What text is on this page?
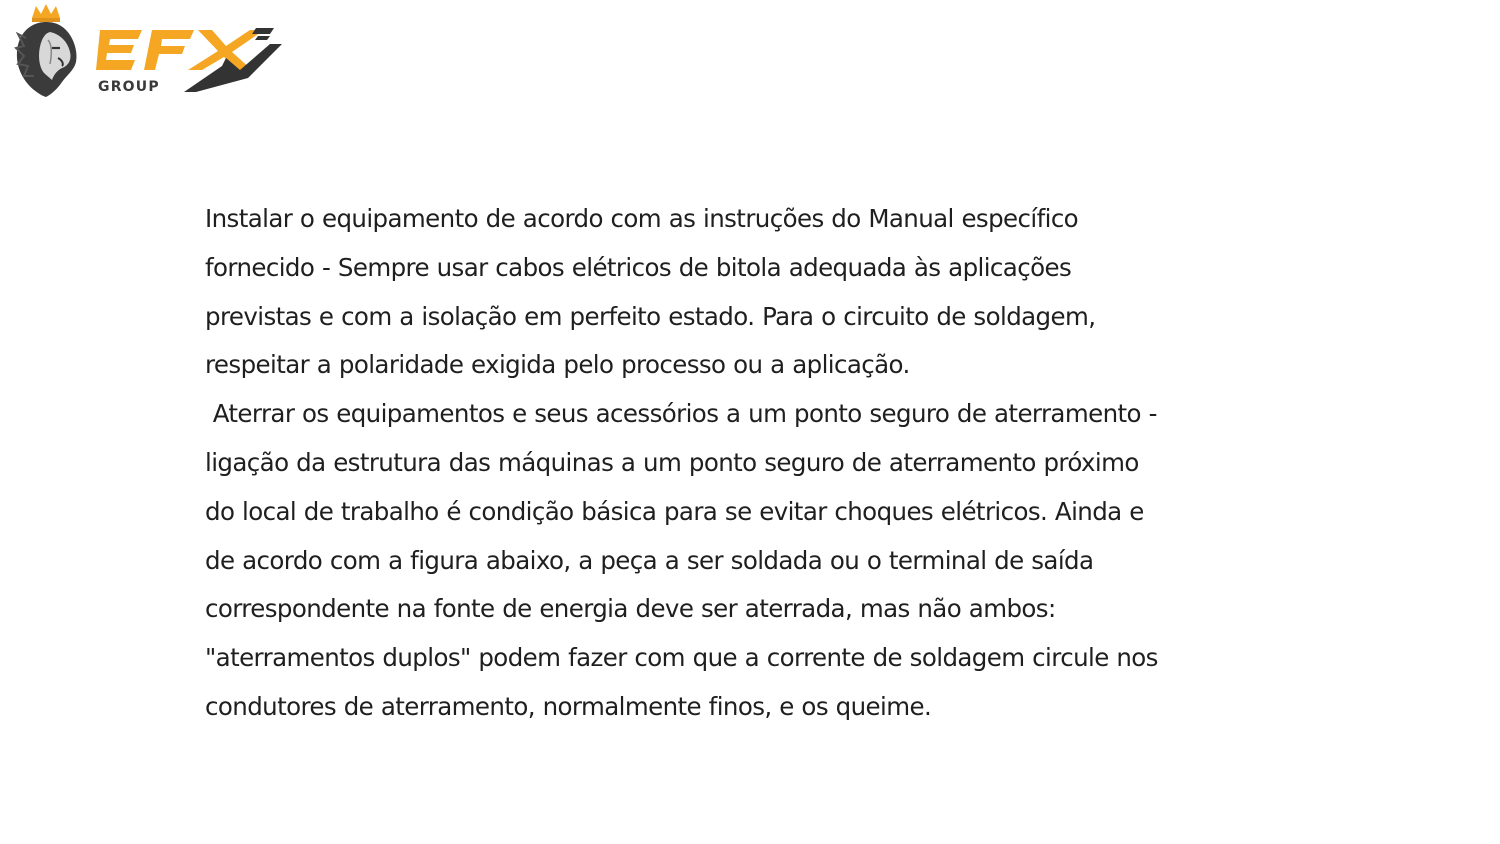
GROUP
Instalar o equipamento de acordo com as instruções do Manual específico
fornecido - Sempre usar cabos elétricos de bitola adequada às aplicações
previstas e com a isolação em perfeito estado. Para o circuito de soldagem,
respeitar a polaridade exigida pelo processo ou a aplicação.
Aterrar os equipamentos e seus acessórios a um ponto seguro de aterramento -
ligação da estrutura das máquinas a um ponto seguro de aterramento próximo
do local de trabalho é condição básica para se evitar choques elétricos. Ainda e
de acordo com a figura abaixo, a peça a ser soldada ou o terminal de saída
correspondente na fonte de energia deve ser aterrada, mas não ambos:
"aterramentos duplos" podem fazer com que a corrente de soldagem circule nos
condutores de aterramento, normalmente finos, e os queime.
